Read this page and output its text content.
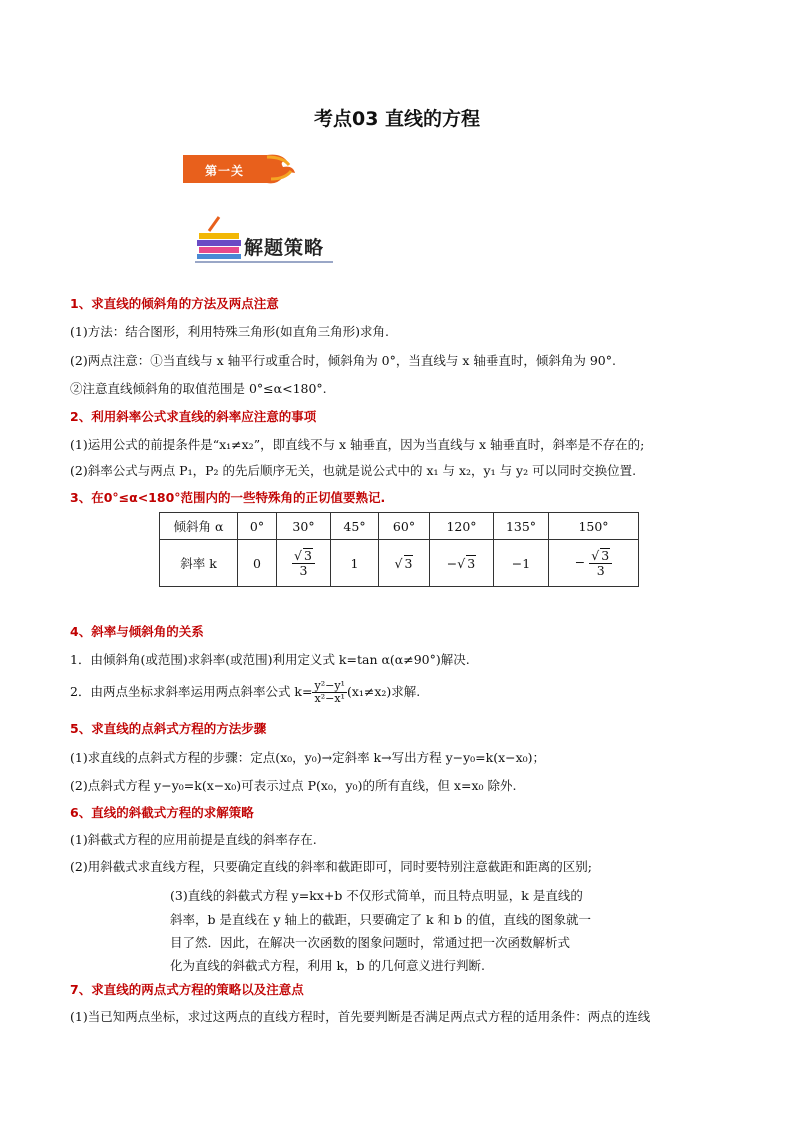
考点03 直线的方程
第一关
解题策略
1、求直线的倾斜角的方法及两点注意
(1)方法：结合图形，利用特殊三角形(如直角三角形)求角.
(2)两点注意：①当直线与 x 轴平行或重合时，倾斜角为 0°，当直线与 x 轴垂直时，倾斜角为 90°.
②注意直线倾斜角的取值范围是 0°≤α<180°.
2、利用斜率公式求直线的斜率应注意的事项
(1)运用公式的前提条件是“x₁≠x₂”，即直线不与 x 轴垂直，因为当直线与 x 轴垂直时，斜率是不存在的;
(2)斜率公式与两点 P₁，P₂ 的先后顺序无关，也就是说公式中的 x₁ 与 x₂，y₁ 与 y₂ 可以同时交换位置.
3、在0°≤α<180°范围内的一些特殊角的正切值要熟记.
倾斜角 α	0°	30°	45°	60°	120°	135°	150°
斜率 k	0	$\frac{√ 3}{3}$	1	√ 3	−√ 3	−1	− $\frac{√ 3}{3}$
4、斜率与倾斜角的关系
1．由倾斜角(或范围)求斜率(或范围)利用定义式 k=tan α(α≠90°)解决.
2．由两点坐标求斜率运用两点斜率公式 $k= \frac{\text{y²−y¹}}{\text{x²−x¹}} (x_1\ne x_2)$求解.
5、求直线的点斜式方程的方法步骤
(1)求直线的点斜式方程的步骤：定点(x₀，y₀)→定斜率 k→写出方程 y−y₀=k(x−x₀)；
(2)点斜式方程 y−y₀=k(x−x₀)可表示过点 P(x₀，y₀)的所有直线，但 x=x₀ 除外.
6、直线的斜截式方程的求解策略
(1)斜截式方程的应用前提是直线的斜率存在.
(2)用斜截式求直线方程，只要确定直线的斜率和截距即可，同时要特别注意截距和距离的区别;
(3)直线的斜截式方程 y=kx+b 不仅形式简单，而且特点明显，k 是直线的
斜率，b 是直线在 y 轴上的截距，只要确定了 k 和 b 的值，直线的图象就一
目了然．因此，在解决一次函数的图象问题时，常通过把一次函数解析式
化为直线的斜截式方程，利用 k，b 的几何意义进行判断.
7、求直线的两点式方程的策略以及注意点
(1)当已知两点坐标，求过这两点的直线方程时，首先要判断是否满足两点式方程的适用条件：两点的连线
